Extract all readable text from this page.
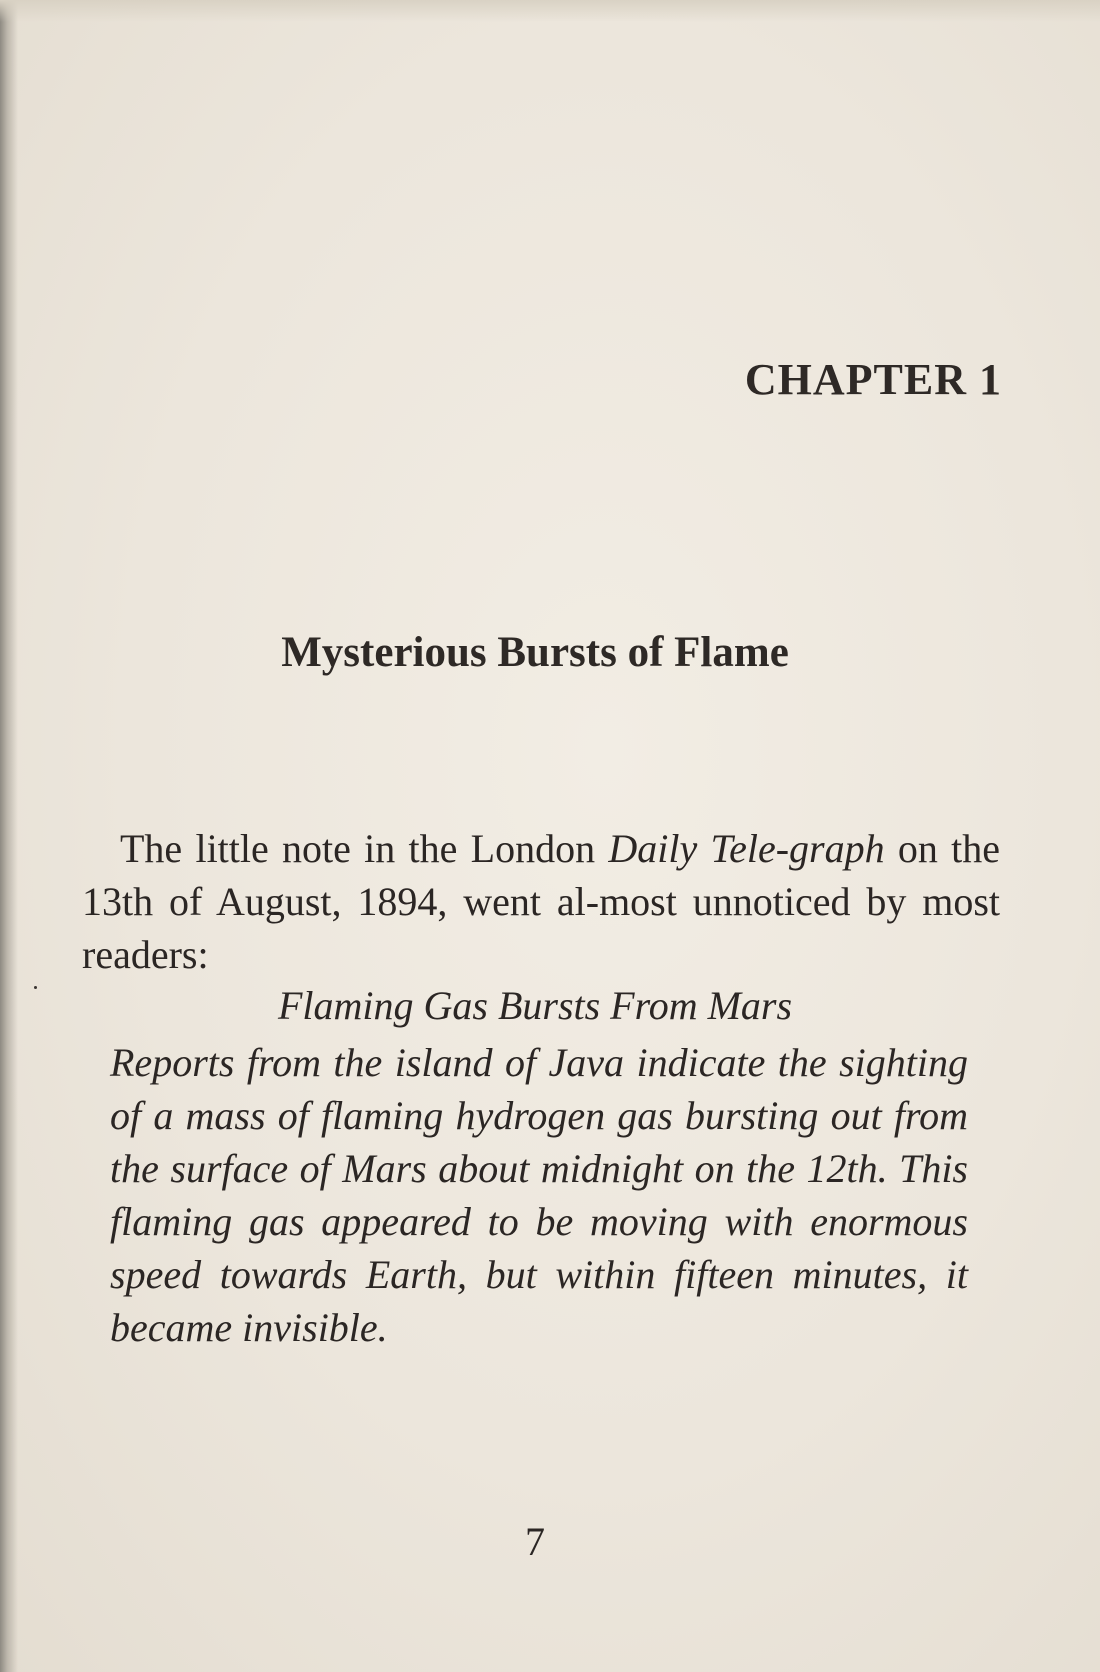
CHAPTER 1
Mysterious Bursts of Flame
The little note in the London Daily Tele-graph on the 13th of August, 1894, went al-most unnoticed by most readers:
Flaming Gas Bursts From Mars
Reports from the island of Java indicate the sighting of a mass of flaming hydrogen gas bursting out from the surface of Mars about midnight on the 12th. This flaming gas appeared to be moving with enormous speed towards Earth, but within fifteen minutes, it became invisible.
7
